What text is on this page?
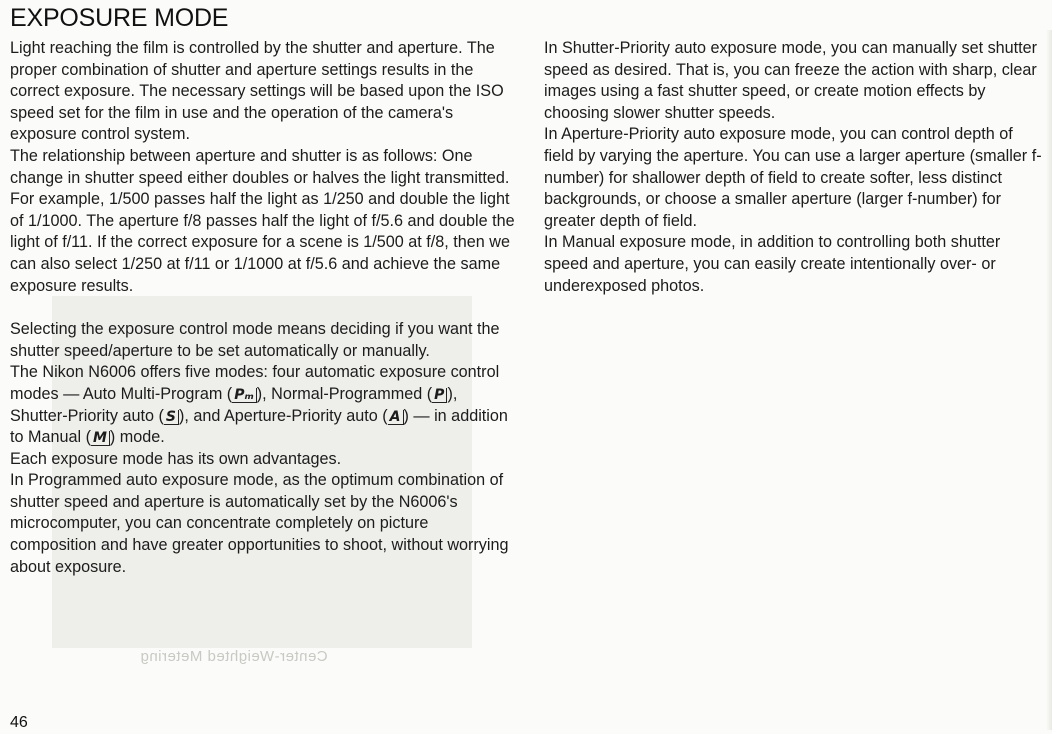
Center-Weighted Metering
EXPOSURE MODE

Light reaching the film is controlled by the shutter and aperture. The proper combination of shutter and aperture settings results in the correct exposure. The necessary settings will be based upon the ISO speed set for the film in use and the operation of the camera's exposure control system.

The relationship between aperture and shutter is as follows: One change in shutter speed either doubles or halves the light transmitted. For example, 1/500 passes half the light as 1/250 and double the light of 1/1000. The aperture f/8 passes half the light of f/5.6 and double the light of f/11. If the correct exposure for a scene is 1/500 at f/8, then we can also select 1/250 at f/11 or 1/1000 at f/5.6 and achieve the same exposure results.

Selecting the exposure control mode means deciding if you want the shutter speed/aperture to be set automatically or manually.

The Nikon N6006 offers five modes: four automatic exposure control modes — Auto Multi-Program ( Pₘ ), Normal-Programmed ( P ), Shutter-Priority auto ( S ), and Aperture-Priority auto ( A ) — in addition to Manual ( M ) mode.

Each exposure mode has its own advantages.

In Programmed auto exposure mode, as the optimum combination of shutter speed and aperture is automatically set by the N6006's microcomputer, you can concentrate completely on picture composition and have greater opportunities to shoot, without worrying about exposure.

In Shutter-Priority auto exposure mode, you can manually set shutter speed as desired. That is, you can freeze the action with sharp, clear images using a fast shutter speed, or create motion effects by choosing slower shutter speeds.

In Aperture-Priority auto exposure mode, you can control depth of field by varying the aperture. You can use a larger aperture (smaller f-number) for shallower depth of field to create softer, less distinct backgrounds, or choose a smaller aperture (larger f-number) for greater depth of field.

In Manual exposure mode, in addition to controlling both shutter speed and aperture, you can easily create intentionally over- or underexposed photos.

46
